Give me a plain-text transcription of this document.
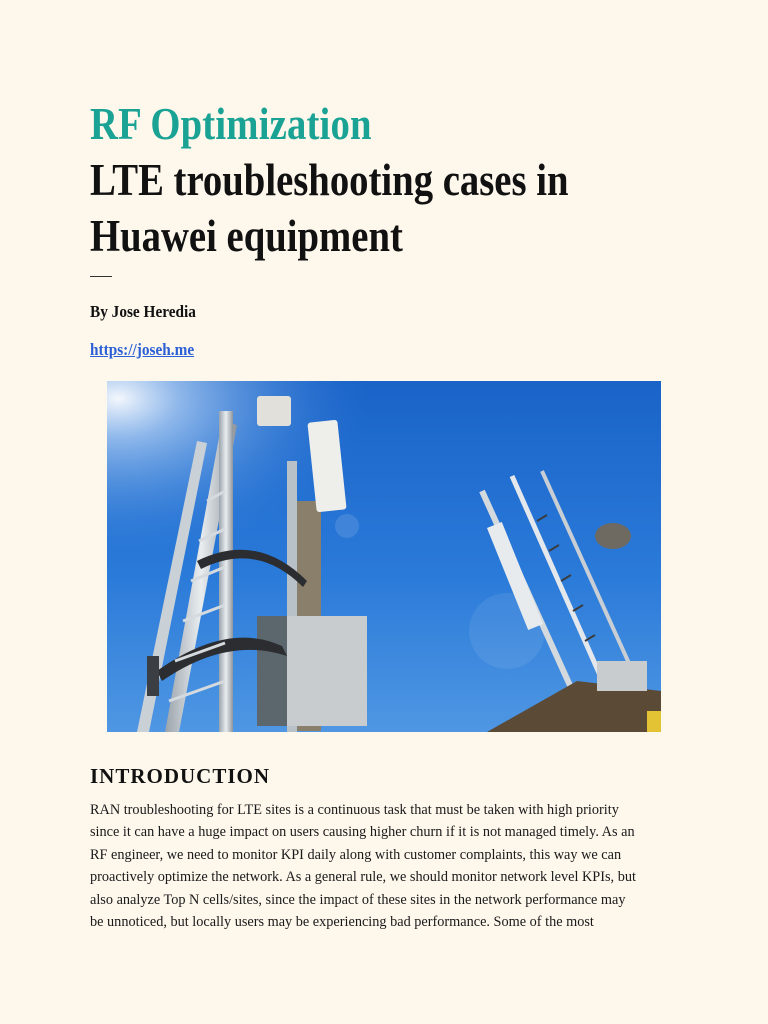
RF Optimization
LTE troubleshooting cases in
Huawei equipment
By Jose Heredia
https://joseh.me
INTRODUCTION

RAN troubleshooting for LTE sites is a continuous task that must be taken with high priority
since it can have a huge impact on users causing higher churn if it is not managed timely. As an
RF engineer, we need to monitor KPI daily along with customer complaints, this way we can
proactively optimize the network. As a general rule, we should monitor network level KPIs, but
also analyze Top N cells/sites, since the impact of these sites in the network performance may
be unnoticed, but locally users may be experiencing bad performance. Some of the most
